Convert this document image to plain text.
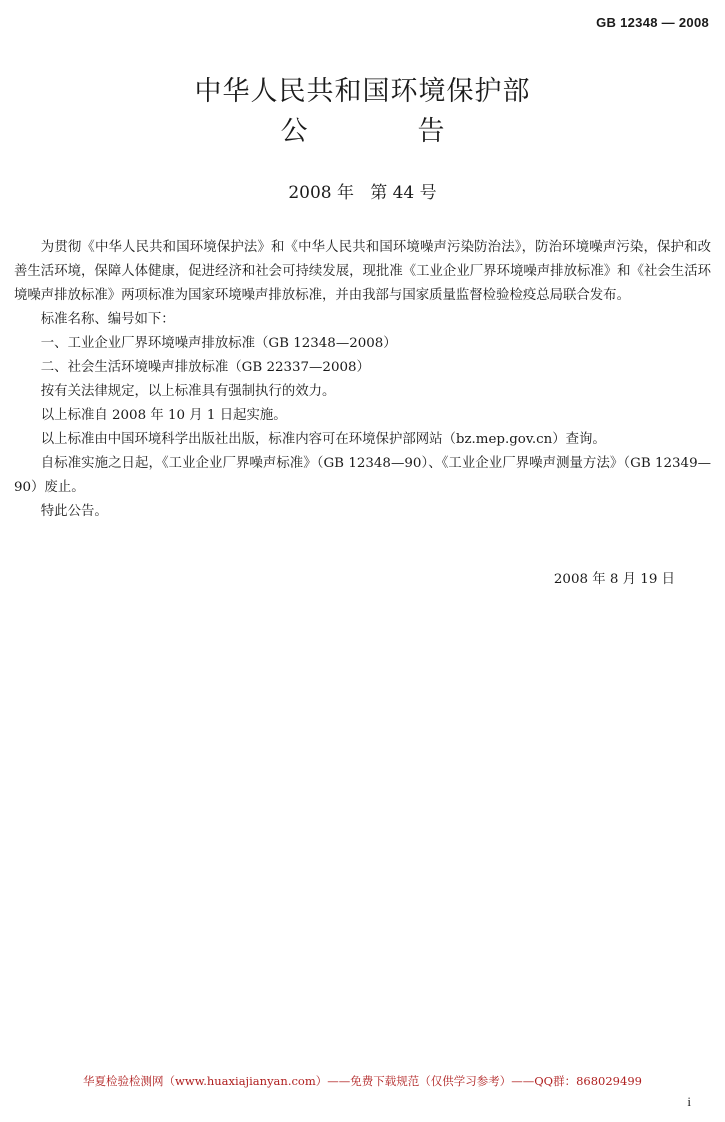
GB 12348 — 2008
中华人民共和国环境保护部
公告
2008 年   第 44 号

为贯彻《中华人民共和国环境保护法》和《中华人民共和国环境噪声污染防治法》，防治环境噪声污染，保护和改善生活环境，保障人体健康，促进经济和社会可持续发展，现批准《工业企业厂界环境噪声排放标准》和《社会生活环境噪声排放标准》两项标准为国家环境噪声排放标准，并由我部与国家质量监督检验检疫总局联合发布。

标准名称、编号如下：

一、工业企业厂界环境噪声排放标准（GB 12348—2008）

二、社会生活环境噪声排放标准（GB 22337—2008）

按有关法律规定，以上标准具有强制执行的效力。

以上标准自 2008 年 10 月 1 日起实施。

以上标准由中国环境科学出版社出版，标准内容可在环境保护部网站（bz.mep.gov.cn）查询。

自标准实施之日起，《工业企业厂界噪声标准》（GB 12348—90）、《工业企业厂界噪声测量方法》（GB 12349—90）废止。

特此公告。

2008 年 8 月 19 日
华夏检验检测网（www.huaxiajianyan.com）——免费下载规范（仅供学习参考）——QQ群：868029499
i
